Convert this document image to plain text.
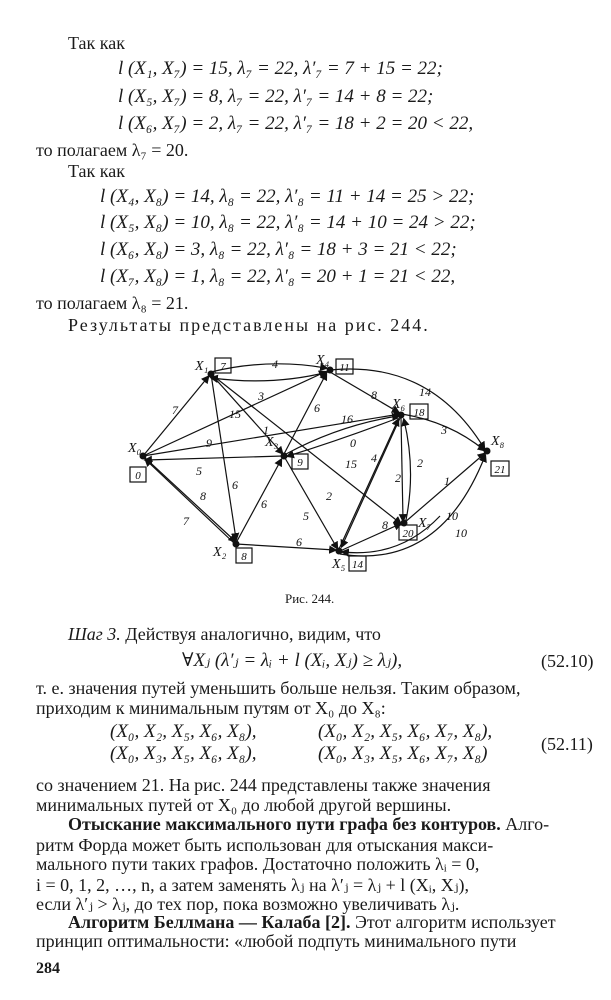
Так как
l (X₁, X₇) = 15, λ₇ = 22, λ′₇ = 7 + 15 = 22;
l (X₅, X₇) = 8, λ₇ = 22, λ′₇ = 14 + 8 = 22;
l (X₆, X₇) = 2, λ₇ = 22, λ′₇ = 18 + 2 = 20 < 22,
то полагаем λ₇ = 20.
Так как
l (X₄, X₈) = 14, λ₈ = 22, λ′₈ = 11 + 14 = 25 > 22;
l (X₅, X₈) = 10, λ₈ = 22, λ′₈ = 14 + 10 = 24 > 22;
l (X₆, X₈) = 3, λ₈ = 22, λ′₈ = 18 + 3 = 21 < 22;
l (X₇, X₈) = 1, λ₈ = 22, λ′₈ = 20 + 1 = 21 < 22,
то полагаем λ₈ = 21.
Результаты представлены на рис. 244.
7	15
9
8
5
4
3
1
6
15
7
6
6
6
16
5
8	14
0
3
2
4	2
2
8
1
10
10
X₀
X₁
X₂
X₃
X₄
X₅
X₆
X₇
X₈
0
7
8
9
11
14
18
20
21
Рис. 244.
Шаг 3. Действуя аналогично, видим, что
∀Xⱼ (λ′ⱼ = λᵢ + l (Xᵢ, Xⱼ) ≥ λⱼ),	(52.10)
т. е. значения путей уменьшить больше нельзя. Таким образом,
приходим к минимальным путям от X₀ до X₈:
(X₀, X₂, X₅, X₆, X₈),	(X₀, X₂, X₅, X₆, X₇, X₈),
(X₀, X₃, X₅, X₆, X₈),	(X₀, X₃, X₅, X₆, X₇, X₈)	(52.11)
со значением 21. На рис. 244 представлены также значения
минимальных путей от X₀ до любой другой вершины.
Отыскание максимального пути графа без контуров. Алго-
ритм Форда может быть использован для отыскания макси-
мального пути таких графов. Достаточно положить λᵢ = 0,
i = 0, 1, 2, …, n, а затем заменять λⱼ на λ′ⱼ = λⱼ + l (Xᵢ, Xⱼ),
если λ′ⱼ > λⱼ, до тех пор, пока возможно увеличивать λⱼ.
Алгоритм Беллмана — Калаба [2]. Этот алгоритм использует
принцип оптимальности: «любой подпуть минимального пути
284
